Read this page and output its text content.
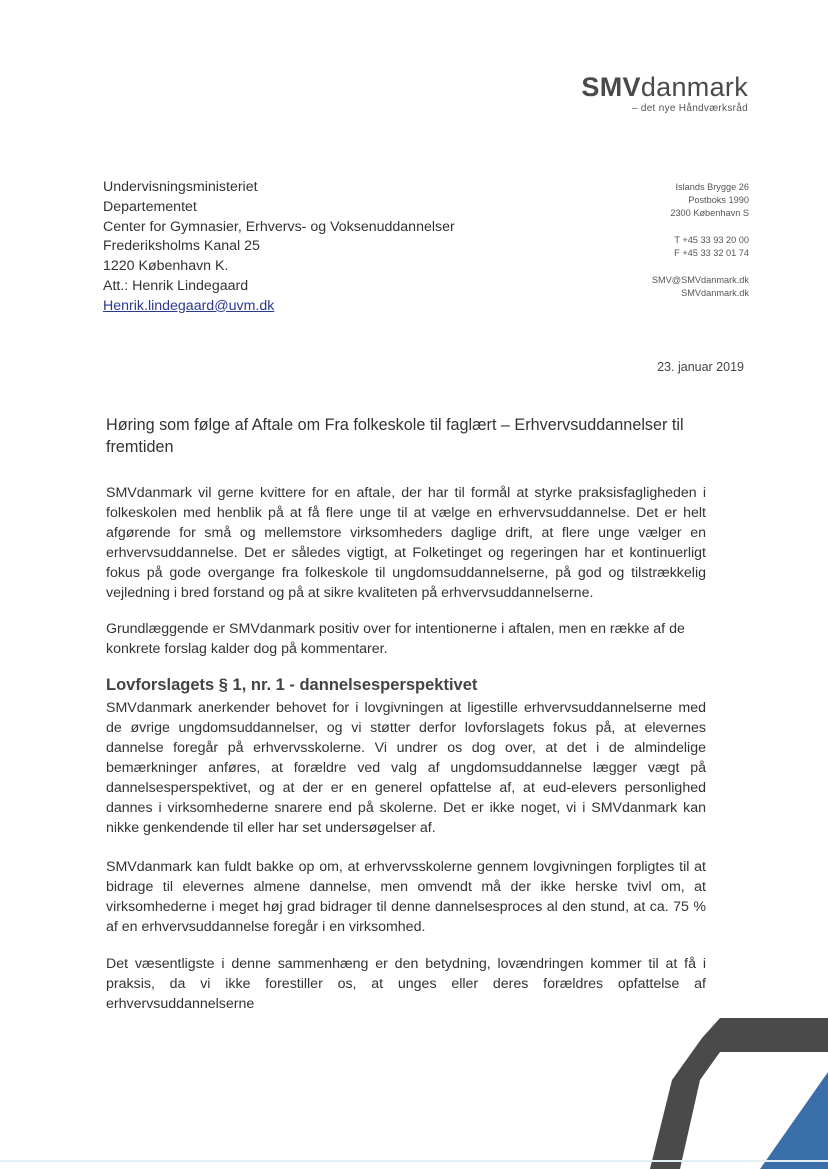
SMVdanmark
– det nye Håndværksråd
Undervisningsministeriet
Departementet
Center for Gymnasier, Erhvervs- og Voksenuddannelser
Frederiksholms Kanal 25
1220 København K.
Att.: Henrik Lindegaard
Henrik.lindegaard@uvm.dk
Islands Brygge 26
Postboks 1990
2300 København S
T +45 33 93 20 00
F +45 33 32 01 74
SMV@SMVdanmark.dk
SMVdanmark.dk
23. januar 2019
Høring som følge af Aftale om Fra folkeskole til faglært – Erhvervsuddannelser til fremtiden
SMVdanmark vil gerne kvittere for en aftale, der har til formål at styrke praksisfagligheden i folkeskolen med henblik på at få flere unge til at vælge en erhvervsuddannelse. Det er helt afgørende for små og mellemstore virksomheders daglige drift, at flere unge vælger en erhvervsuddannelse. Det er således vigtigt, at Folketinget og regeringen har et kontinuerligt fokus på gode overgange fra folkeskole til ungdomsuddannelserne, på god og tilstrækkelig vejledning i bred forstand og på at sikre kvaliteten på erhvervsuddannelserne.
Grundlæggende er SMVdanmark positiv over for intentionerne i aftalen, men en række af de konkrete forslag kalder dog på kommentarer.
Lovforslagets § 1, nr. 1 - dannelsesperspektivet
SMVdanmark anerkender behovet for i lovgivningen at ligestille erhvervsuddannelserne med de øvrige ungdomsuddannelser, og vi støtter derfor lovforslagets fokus på, at elevernes dannelse foregår på erhvervsskolerne. Vi undrer os dog over, at det i de almindelige bemærkninger anføres, at forældre ved valg af ungdomsuddannelse lægger vægt på dannelsesperspektivet, og at der er en generel opfattelse af, at eud-elevers personlighed dannes i virksomhederne snarere end på skolerne. Det er ikke noget, vi i SMVdanmark kan nikke genkendende til eller har set undersøgelser af.
SMVdanmark kan fuldt bakke op om, at erhvervsskolerne gennem lovgivningen forpligtes til at bidrage til elevernes almene dannelse, men omvendt må der ikke herske tvivl om, at virksomhederne i meget høj grad bidrager til denne dannelsesproces al den stund, at ca. 75 % af en erhvervsuddannelse foregår i en virksomhed.
Det væsentligste i denne sammenhæng er den betydning, lovændringen kommer til at få i praksis, da vi ikke forestiller os, at unges eller deres forældres opfattelse af erhvervsuddannelserne
